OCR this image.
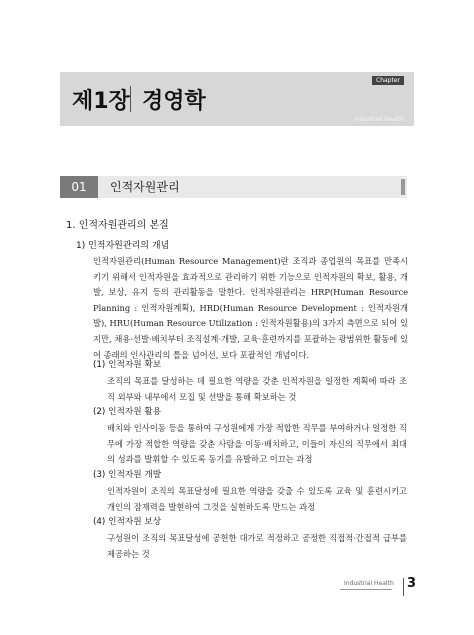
Chapter
제1장 경영학
Industrial Health
01	인적자원관리
1. 인적자원관리의 본질
1) 인적자원관리의 개념
인적자원관리(Human Resource Management)란 조직과 종업원의 목표를 만족시키기 위해서 인적자원을 효과적으로 관리하기 위한 기능으로 인적자원의 확보, 활용, 개발, 보상, 유지 등의 관리활동을 말한다. 인적자원관리는 HRP(Human Resource Planning : 인적자원계획), HRD(Human Resource Development : 인적자원개발), HRU(Human Resource Utilization : 인적자원활용)의 3가지 측면으로 되어 있지만, 채용·선발·배치부터 조직설계·개발, 교육·훈련까지를 포괄하는 광범위한 활동에 있어 종래의 인사관리의 틀을 넘어선, 보다 포괄적인 개념이다.
(1) 인적자원 확보
조직의 목표를 달성하는 데 필요한 역량을 갖춘 인적자원을 일정한 계획에 따라 조직 외부와 내부에서 모집 및 선발을 통해 확보하는 것
(2) 인적자원 활용
배치와 인사이동 등을 통하여 구성원에게 가장 적합한 직무를 부여하거나 일정한 직무에 가장 적합한 역량을 갖춘 사람을 이동·배치하고, 이들이 자신의 직무에서 최대의 성과를 발휘할 수 있도록 동기를 유발하고 이끄는 과정
(3) 인적자원 개발
인적자원이 조직의 목표달성에 필요한 역량을 갖출 수 있도록 교육 및 훈련시키고 개인의 잠재력을 발현하여 그것을 실현하도록 만드는 과정
(4) 인적자원 보상
구성원이 조직의 목표달성에 공헌한 대가로 적정하고 공정한 직접적·간접적 급부를 제공하는 것
Industrial Health 3
